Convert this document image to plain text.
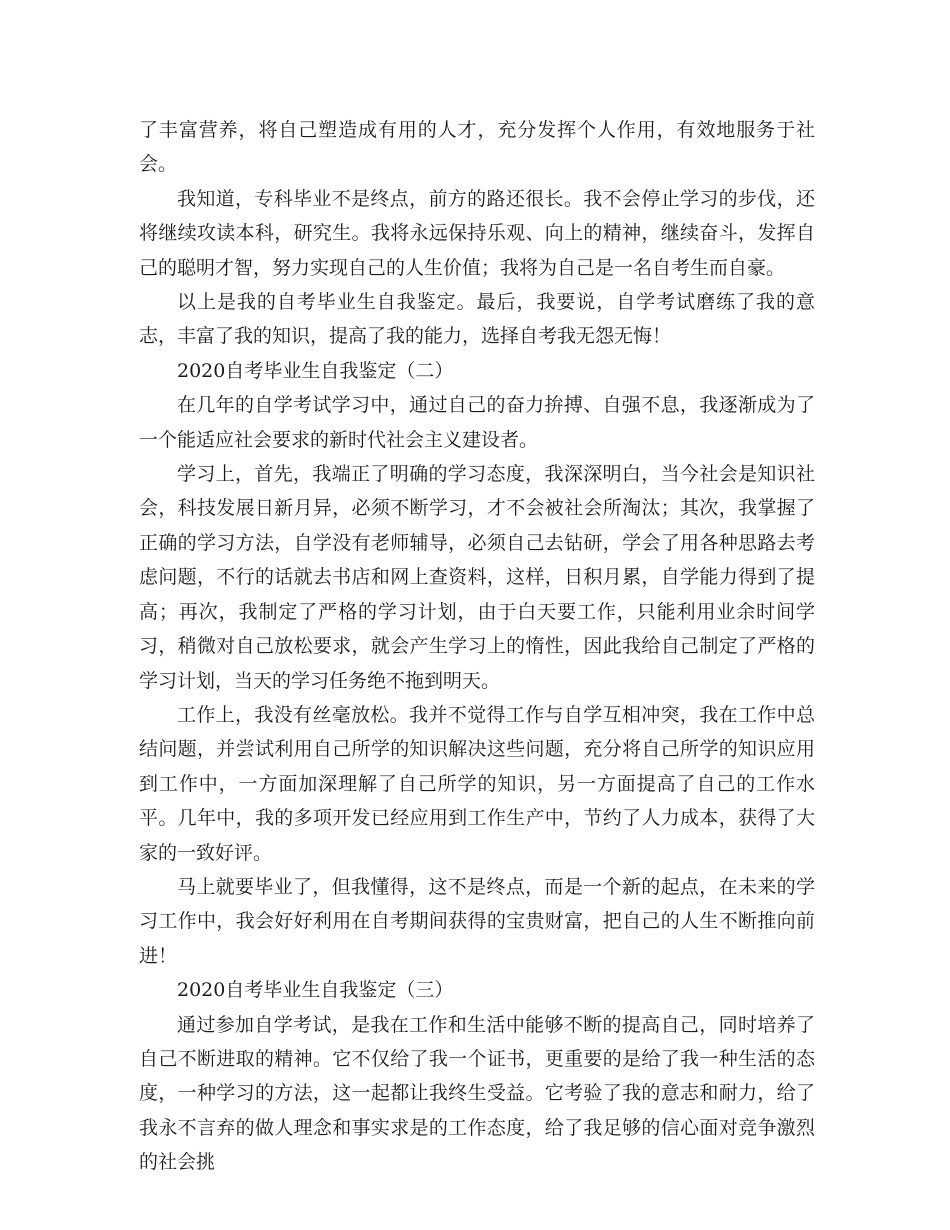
了丰富营养，将自己塑造成有用的人才，充分发挥个人作用，有效地服务于社会。

我知道，专科毕业不是终点，前方的路还很长。我不会停止学习的步伐，还将继续攻读本科，研究生。我将永远保持乐观、向上的精神，继续奋斗，发挥自己的聪明才智，努力实现自己的人生价值；我将为自己是一名自考生而自豪。

以上是我的自考毕业生自我鉴定。最后，我要说，自学考试磨练了我的意志，丰富了我的知识，提高了我的能力，选择自考我无怨无悔！

2020自考毕业生自我鉴定（二）

在几年的自学考试学习中，通过自己的奋力拚搏、自强不息，我逐渐成为了一个能适应社会要求的新时代社会主义建设者。

学习上，首先，我端正了明确的学习态度，我深深明白，当今社会是知识社会，科技发展日新月异，必须不断学习，才不会被社会所淘汰；其次，我掌握了正确的学习方法，自学没有老师辅导，必须自己去钻研，学会了用各种思路去考虑问题，不行的话就去书店和网上查资料，这样，日积月累，自学能力得到了提高；再次，我制定了严格的学习计划，由于白天要工作，只能利用业余时间学习，稍微对自己放松要求，就会产生学习上的惰性，因此我给自己制定了严格的学习计划，当天的学习任务绝不拖到明天。

工作上，我没有丝毫放松。我并不觉得工作与自学互相冲突，我在工作中总结问题，并尝试利用自己所学的知识解决这些问题，充分将自己所学的知识应用到工作中，一方面加深理解了自己所学的知识，另一方面提高了自己的工作水平。几年中，我的多项开发已经应用到工作生产中，节约了人力成本，获得了大家的一致好评。

马上就要毕业了，但我懂得，这不是终点，而是一个新的起点，在未来的学习工作中，我会好好利用在自考期间获得的宝贵财富，把自己的人生不断推向前进！

2020自考毕业生自我鉴定（三）

通过参加自学考试，是我在工作和生活中能够不断的提高自己，同时培养了自己不断进取的精神。它不仅给了我一个证书，更重要的是给了我一种生活的态度，一种学习的方法，这一起都让我终生受益。它考验了我的意志和耐力，给了我永不言弃的做人理念和事实求是的工作态度，给了我足够的信心面对竞争激烈的社会挑
